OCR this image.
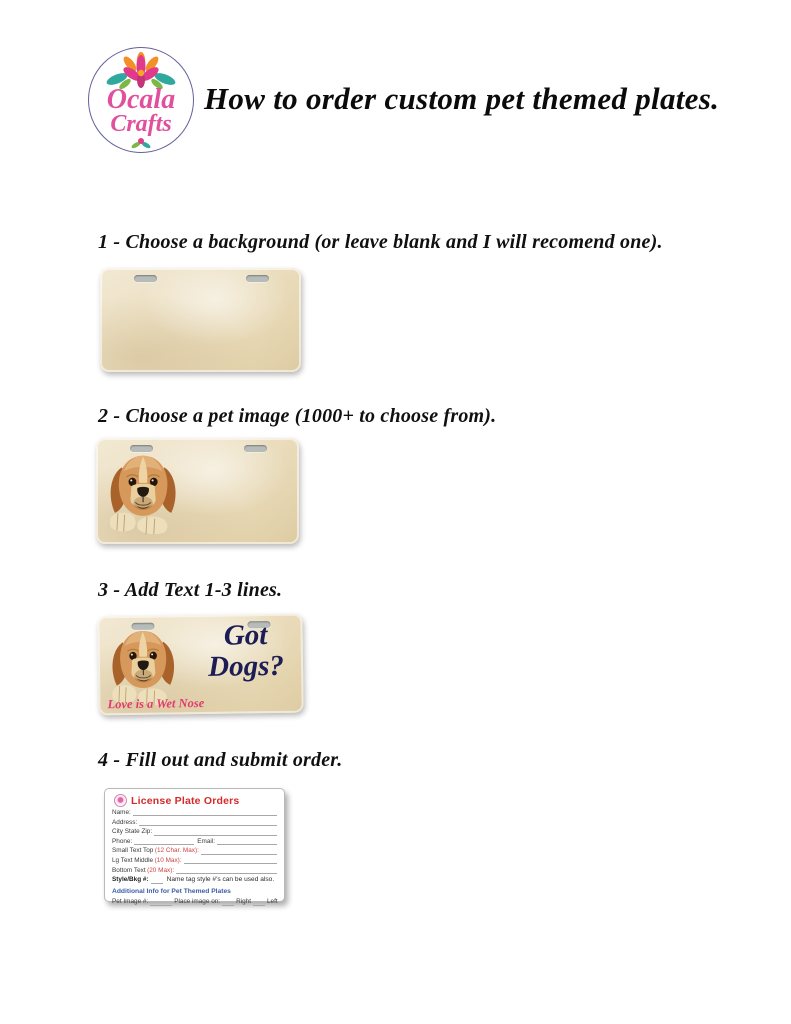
Ocala
Crafts
How to order custom pet themed plates.
1 - Choose a background (or leave blank and I will recomend one).
2 - Choose a pet image (1000+ to choose from).
3 - Add Text 1-3 lines.
Got
Dogs?
Love is a Wet Nose
4 - Fill out and submit order.
License Plate Orders
Name:
Address:
City State Zip:
Phone:	Email:
Small Text Top (12 Char. Max):
Lg Text Middle (10 Max):
Bottom Text (20 Max):
Style/Bkg #:	Name tag style #'s can be used also.
Additional Info for Pet Themed Plates
Pet Image #:	Place image on:	Right	Left
